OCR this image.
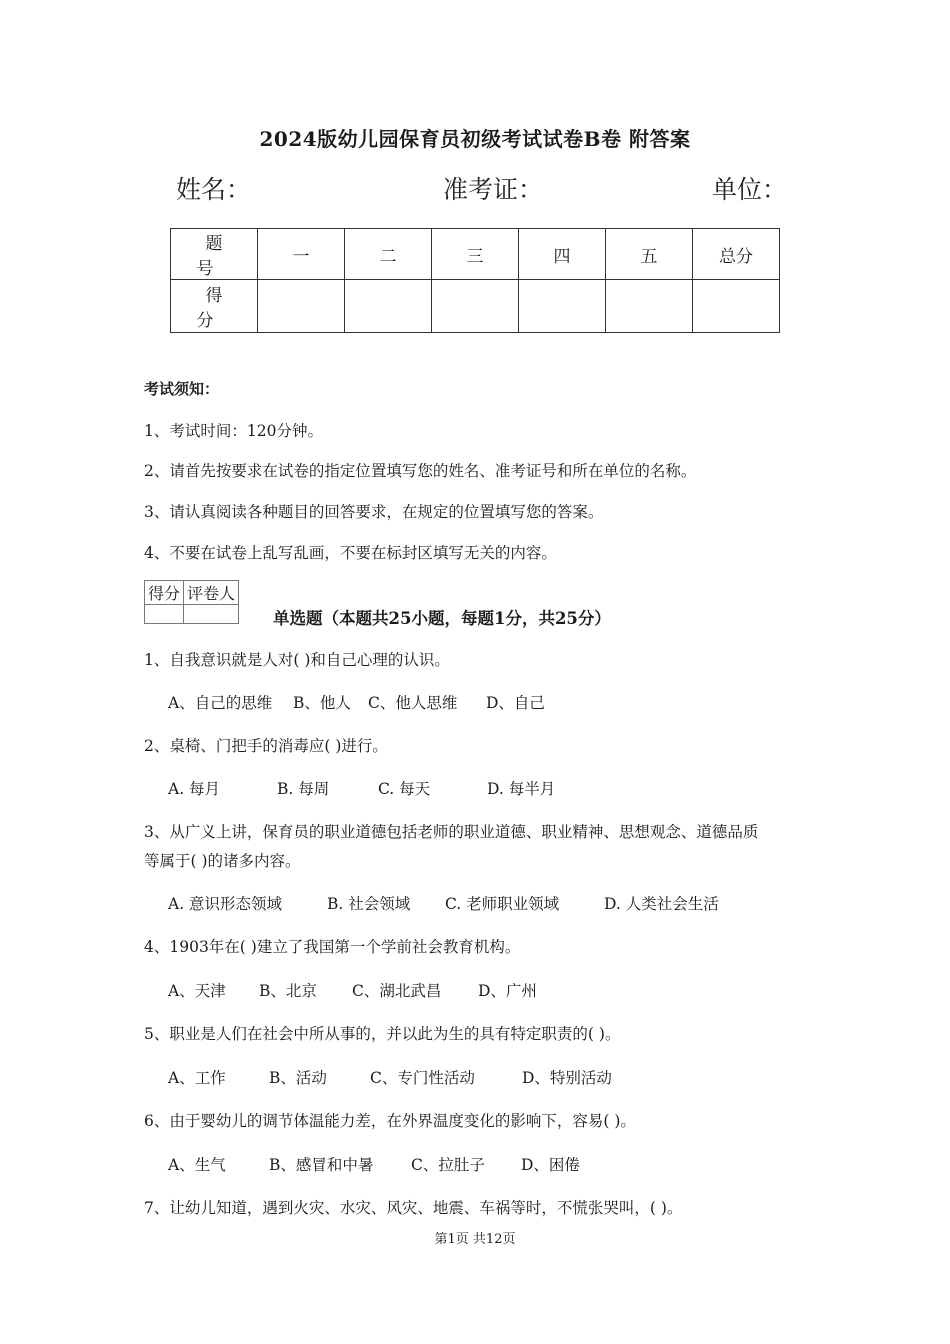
2024版幼儿园保育员初级考试试卷B卷 附答案
姓名：	准考证：	单位：
题 号	一	二	三	四	五	总分
得 分						
考试须知：
1、考试时间：120分钟。
2、请首先按要求在试卷的指定位置填写您的姓名、准考证号和所在单位的名称。
3、请认真阅读各种题目的回答要求，在规定的位置填写您的答案。
4、不要在试卷上乱写乱画，不要在标封区填写无关的内容。
得分	评卷人

单选题（本题共25小题，每题1分，共25分）
1、自我意识就是人对( )和自己心理的认识。
A、自己的思维 B、他人 C、他人思维 D、自己
2、桌椅、门把手的消毒应( )进行。
A. 每月	B. 每周	C. 每天	D. 每半月
3、从广义上讲，保育员的职业道德包括老师的职业道德、职业精神、思想观念、道德品质
等属于( )的诸多内容。
A. 意识形态领域	B. 社会领域 C. 老师职业领域	D. 人类社会生活
4、1903年在( )建立了我国第一个学前社会教育机构。
A、天津 B、北京 C、湖北武昌 D、广州
5、职业是人们在社会中所从事的，并以此为生的具有特定职责的( )。
A、工作	B、活动	C、专门性活动	D、特别活动
6、由于婴幼儿的调节体温能力差，在外界温度变化的影响下，容易( )。
A、生气	B、感冒和中暑 C、拉肚子 D、困倦
7、让幼儿知道，遇到火灾、水灾、风灾、地震、车祸等时，不慌张哭叫，( )。
第1页 共12页
